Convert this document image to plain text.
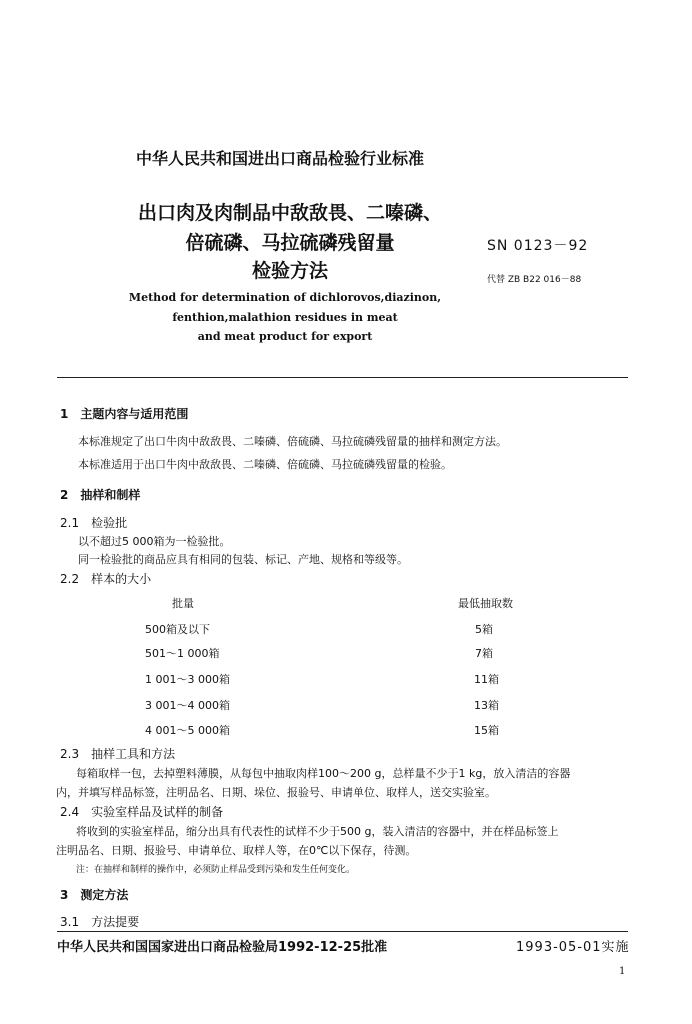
中华人民共和国进出口商品检验行业标准
出口肉及肉制品中敌敌畏、二嗪磷、
倍硫磷、马拉硫磷残留量
检验方法
SN 0123－92
代替 ZB B22 016－88
Method for determination of dichlorovos,diazinon,
fenthion,malathion residues in meat
and meat product for export
1　主题内容与适用范围
本标准规定了出口牛肉中敌敌畏、二嗪磷、倍硫磷、马拉硫磷残留量的抽样和测定方法。
本标准适用于出口牛肉中敌敌畏、二嗪磷、倍硫磷、马拉硫磷残留量的检验。
2　抽样和制样
2.1　检验批
以不超过5 000箱为一检验批。
同一检验批的商品应具有相同的包装、标记、产地、规格和等级等。
2.2　样本的大小
批量	最低抽取数
500箱及以下	5箱
501～1 000箱	7箱
1 001～3 000箱	11箱
3 001～4 000箱	13箱
4 001～5 000箱	15箱
2.3　抽样工具和方法
每箱取样一包，去掉塑料薄膜，从每包中抽取肉样100～200 g，总样量不少于1 kg，放入清洁的容器
内，并填写样品标签，注明品名、日期、垛位、报验号、申请单位、取样人，送交实验室。
2.4　实验室样品及试样的制备
将收到的实验室样品，缩分出具有代表性的试样不少于500 g，装入清洁的容器中，并在样品标签上
注明品名、日期、报验号、申请单位、取样人等，在0℃以下保存，待测。
注：在抽样和制样的操作中，必须防止样品受到污染和发生任何变化。
3　测定方法
3.1　方法提要
中华人民共和国国家进出口商品检验局1992-12-25批准	1993-05-01实施
1
